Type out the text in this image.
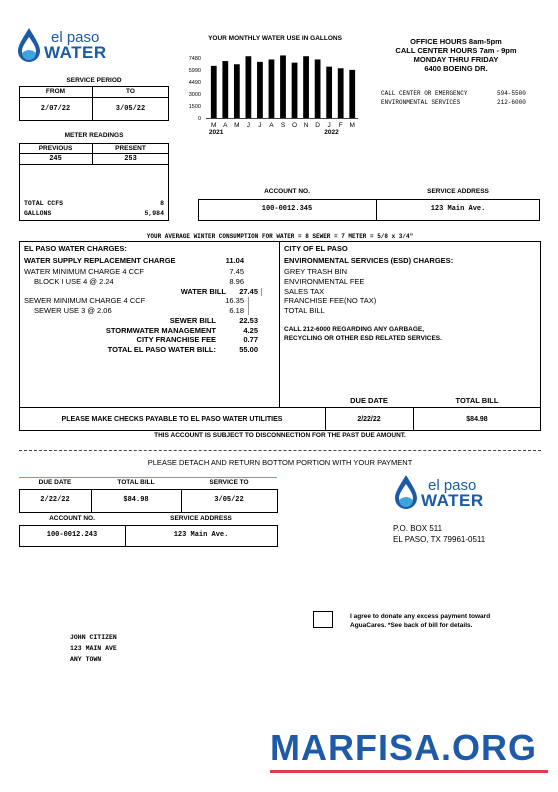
el paso
WATER
SERVICE PERIOD
FROM	TO
2/07/22	3/05/22
METER READINGS
PREVIOUS	PRESENT
245	253
TOTAL CCFS	8
GALLONS	5,984
YOUR MONTHLY WATER USE IN GALLONS
7480
5990
4490
3000
1500
0
M A M J J A S O N D J F M
2021	2022
OFFICE HOURS 8am-5pm
CALL CENTER HOURS 7am - 9pm
MONDAY THRU FRIDAY
6400 BOEING DR.
CALL CENTER OR EMERGENCY	594-5500
ENVIRONMENTAL SERVICES	212-6000
ACCOUNT NO.	SERVICE ADDRESS
100-0012.345	123 Main Ave.
YOUR AVERAGE WINTER CONSUMPTION FOR WATER = 8 SEWER = 7 METER = 5/8 x 3/4"
EL PASO WATER CHARGES:
WATER SUPPLY REPLACEMENT CHARGE	11.04
WATER MINIMUM CHARGE 4 CCF	7.45
BLOCK I USE 4 @ 2.24	8.96
WATER BILL	27.45
SEWER MINIMUM CHARGE 4 CCF	16.35
SEWER USE 3 @ 2.06	6.18
SEWER BILL	22.53
STORMWATER MANAGEMENT	4.25
CITY FRANCHISE FEE	0.77
TOTAL EL PASO WATER BILL:	55.00
CITY OF EL PASO
ENVIRONMENTAL SERVICES (ESD) CHARGES:
GREY TRASH BIN
ENVIRONMENTAL FEE
SALES TAX
FRANCHISE FEE(NO TAX)
TOTAL BILL
CALL 212-6000 REGARDING ANY GARBAGE,
RECYCLING OR OTHER ESD RELATED SERVICES.
DUE DATE	TOTAL BILL
PLEASE MAKE CHECKS PAYABLE TO EL PASO WATER UTILITIES	2/22/22	$84.98
THIS ACCOUNT IS SUBJECT TO DISCONNECTION FOR THE PAST DUE AMOUNT.
PLEASE DETACH AND RETURN BOTTOM PORTION WITH YOUR PAYMENT
DUE DATE	TOTAL BILL	SERVICE TO
2/22/22	$84.98	3/05/22
ACCOUNT NO.	SERVICE ADDRESS
100-0012.243	123 Main Ave.
el paso
WATER
P.O. BOX 511
EL PASO, TX 79961-0511
I agree to donate any excess payment toward
AguaCares. *See back of bill for details.
JOHN CITIZEN
123 MAIN AVE
ANY TOWN
MARFISA.ORG
